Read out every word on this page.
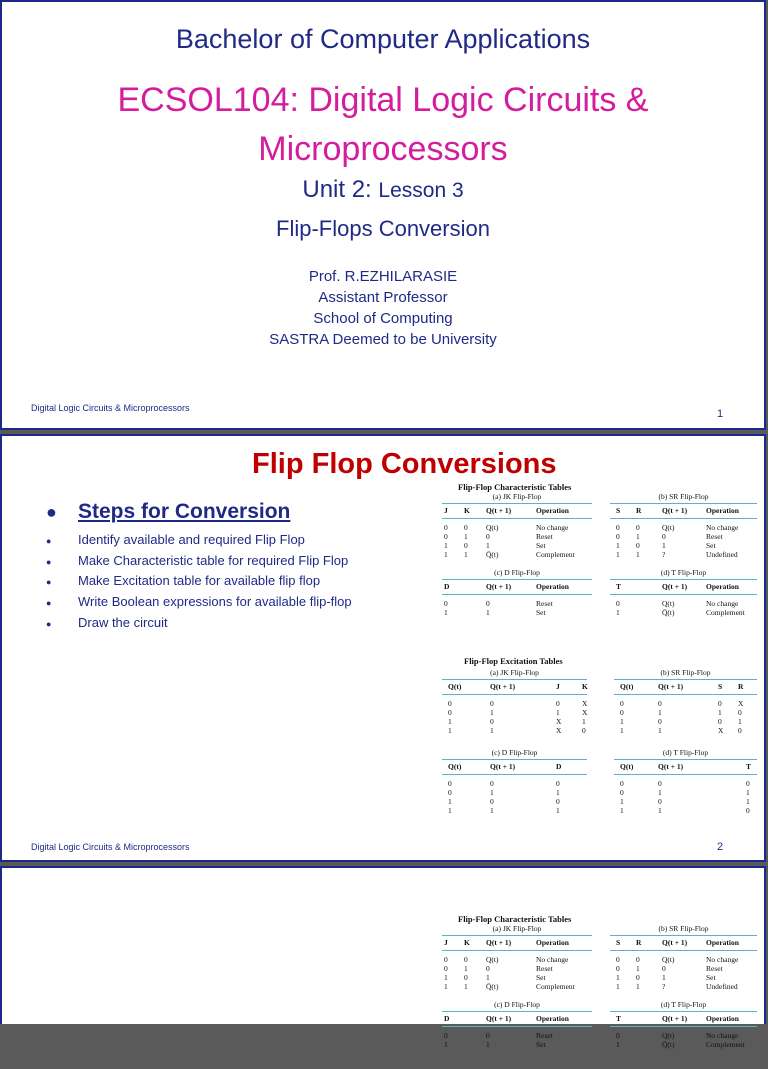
Bachelor of Computer Applications
ECSOL104: Digital Logic Circuits &
Microprocessors
Unit 2: Lesson 3
Flip-Flops Conversion
Prof. R.EZHILARASIE
Assistant Professor
School of Computing
SASTRA Deemed to be University
Digital Logic Circuits & Microprocessors	1
Flip Flop Conversions
● Steps for Conversion
● Identify available and required Flip Flop
● Make Characteristic table for required Flip Flop
● Make Excitation table for available flip flop
● Write Boolean expressions for available flip-flop
● Draw the circuit
Flip-Flop Characteristic Tables
(a) JK Flip-Flop
J K Q(t + 1)	Operation
0 0 Q(t)	No change
0 1 0	Reset
1 0 1	Set
1 1 Q̄(t)	Complement
(b) SR Flip-Flop
S R	Q(t + 1)	Operation
0 0	Q(t)	No change
0 1	0	Reset
1 0	1	Set
1 1	?	Undefined
(c) D Flip-Flop
D	Q(t + 1)	Operation
0	0	Reset
1	1	Set
(d) T Flip-Flop
T	Q(t + 1)	Operation
0	Q(t)	No change
1	Q̄(t)	Complement
Flip-Flop Excitation Tables
(a) JK Flip-Flop
Q(t)	Q(t + 1)	J	K
0	0	0	X
0	1	1	X
1	0	X	1
1	1	X	0
(b) SR Flip-Flop
Q(t)	Q(t + 1)	S R
0	0	0 X
0	1	1 0
1	0	0 1
1	1	X 0
(c) D Flip-Flop
Q(t)	Q(t + 1)	D
0	0	0
0	1	1
1	0	0
1	1	1
(d) T Flip-Flop
Q(t)	Q(t + 1)	T
0	0	0
0	1	1
1	0	1
1	1	0
Digital Logic Circuits & Microprocessors	2
Flip-Flop Characteristic Tables
(a) JK Flip-Flop
J K Q(t + 1)	Operation
0 0 Q(t)	No change
0 1 0	Reset
1 0 1	Set
1 1 Q̄(t)	Complement
(b) SR Flip-Flop
S R	Q(t + 1)	Operation
0 0	Q(t)	No change
0 1	0	Reset
1 0	1	Set
1 1	?	Undefined
(c) D Flip-Flop
D	Q(t + 1)	Operation
0	0	Reset
1	1	Set
(d) T Flip-Flop
T	Q(t + 1)	Operation
0	Q(t)	No change
1	Q̄(t)	Complement
